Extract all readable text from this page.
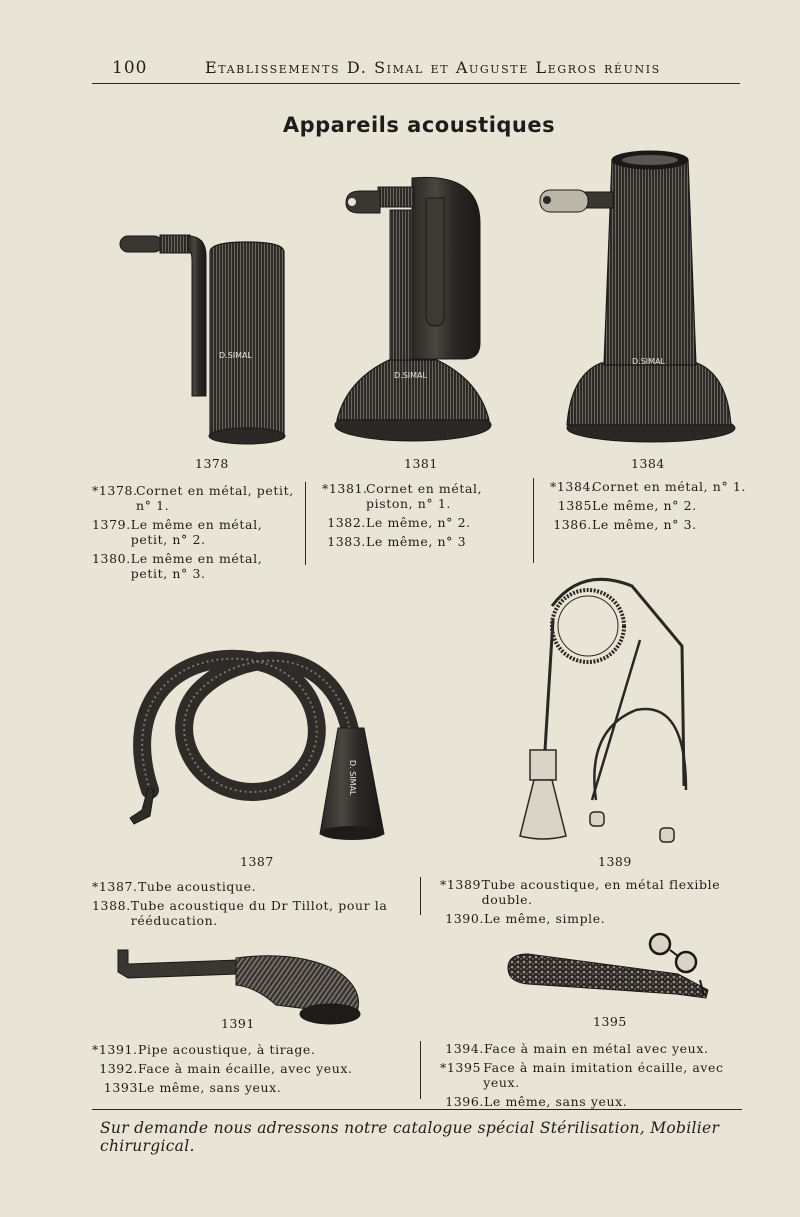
100	Etablissements D. Simal et Auguste Legros réunis
Appareils acoustiques
D.SIMAL
D.SIMAL
D.SIMAL
D. SIMAL
1378	1381	1384
1387	1389
1391	1395
*1378.
Cornet en métal, petit, n° 1.
1379. Le même en métal, petit, n° 2.
1380. Le même en métal, petit, n° 3.
*1381.
Cornet en métal, piston, n° 1.
1382. Le même, n° 2.
1383. Le même, n° 3
*1384.
Cornet en métal, n° 1.
1385 Le même, n° 2.
1386. Le même, n° 3.
*1387. Tube acoustique.
1388. Tube acoustique du Dr Tillot, pour la rééducation.
*1389 Tube acoustique, en métal flexible double.
1390. Le même, simple.
*1391. Pipe acoustique, à tirage.
1392. Face à main écaille, avec yeux.
1393 Le même, sans yeux.
1394. Face à main en métal avec yeux.
*1395 Face à main imitation écaille, avec yeux.
1396. Le même, sans yeux.
Sur demande nous adressons notre catalogue spécial Stérilisation, Mobilier chirurgical.
